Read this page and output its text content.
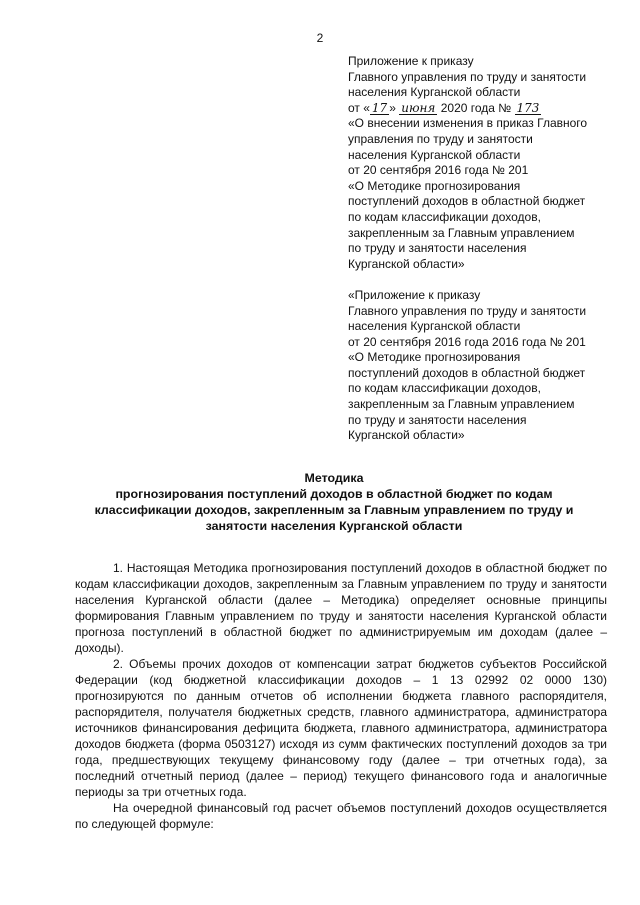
2
Приложение к приказу
Главного управления по труду и занятости
населения Курганской области
от « 17 » июня 2020 года № 173
«О внесении изменения в приказ Главного
управления по труду и занятости
населения Курганской области
от 20 сентября 2016 года № 201
«О Методике прогнозирования
поступлений доходов в областной бюджет
по кодам классификации доходов,
закрепленным за Главным управлением
по труду и занятости населения
Курганской области»
«Приложение к приказу
Главного управления по труду и занятости
населения Курганской области
от 20 сентября 2016 года 2016 года № 201
«О Методике прогнозирования
поступлений доходов в областной бюджет
по кодам классификации доходов,
закрепленным за Главным управлением
по труду и занятости населения
Курганской области»
Методика
прогнозирования поступлений доходов в областной бюджет по кодам
классификации доходов, закрепленным за Главным управлением по труду и
занятости населения Курганской области

1. Настоящая Методика прогнозирования поступлений доходов в областной бюджет по кодам классификации доходов, закрепленным за Главным управлением по труду и занятости населения Курганской области (далее – Методика) определяет основные принципы формирования Главным управлением по труду и занятости населения Курганской области прогноза поступлений в областной бюджет по администрируемым им доходам (далее – доходы).

2. Объемы прочих доходов от компенсации затрат бюджетов субъектов Российской Федерации (код бюджетной классификации доходов – 1 13 02992 02 0000 130) прогнозируются по данным отчетов об исполнении бюджета главного распорядителя, распорядителя, получателя бюджетных средств, главного администратора, администратора источников финансирования дефицита бюджета, главного администратора, администратора доходов бюджета (форма 0503127) исходя из сумм фактических поступлений доходов за три года, предшествующих текущему финансовому году (далее – три отчетных года), за последний отчетный период (далее – период) текущего финансового года и аналогичные периоды за три отчетных года.

На очередной финансовый год расчет объемов поступлений доходов осуществляется по следующей формуле:
